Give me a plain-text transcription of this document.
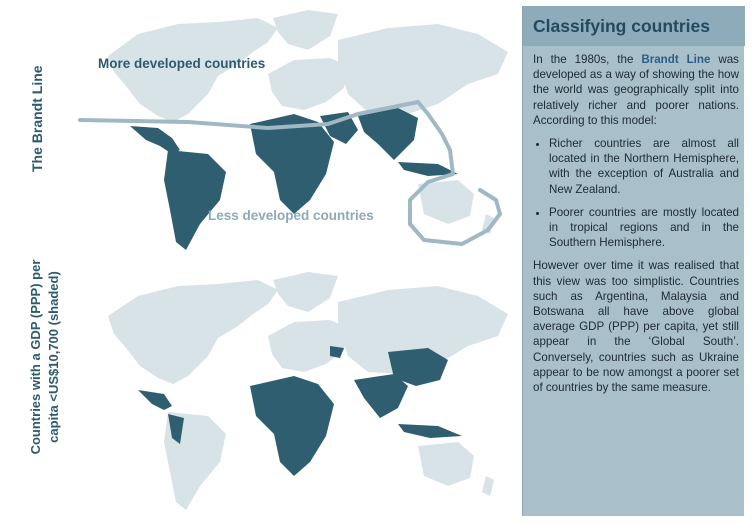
The Brandt Line
Countries with a GDP (PPP) per capita <US$10,700 (shaded)
More developed countries
Less developed countries
Classifying countries

In the 1980s, the Brandt Line was developed as a way of showing the how the world was geographically split into relatively richer and poorer nations. According to this model:

• Richer countries are almost all located in the Northern Hemisphere, with the exception of Australia and New Zealand.
• Poorer countries are mostly located in tropical regions and in the Southern Hemisphere.

However over time it was realised that this view was too simplistic. Countries such as Argentina, Malaysia and Botswana all have above global average GDP (PPP) per capita, yet still appear in the ‘Global South’. Conversely, countries such as Ukraine appear to be now amongst a poorer set of countries by the same measure.
